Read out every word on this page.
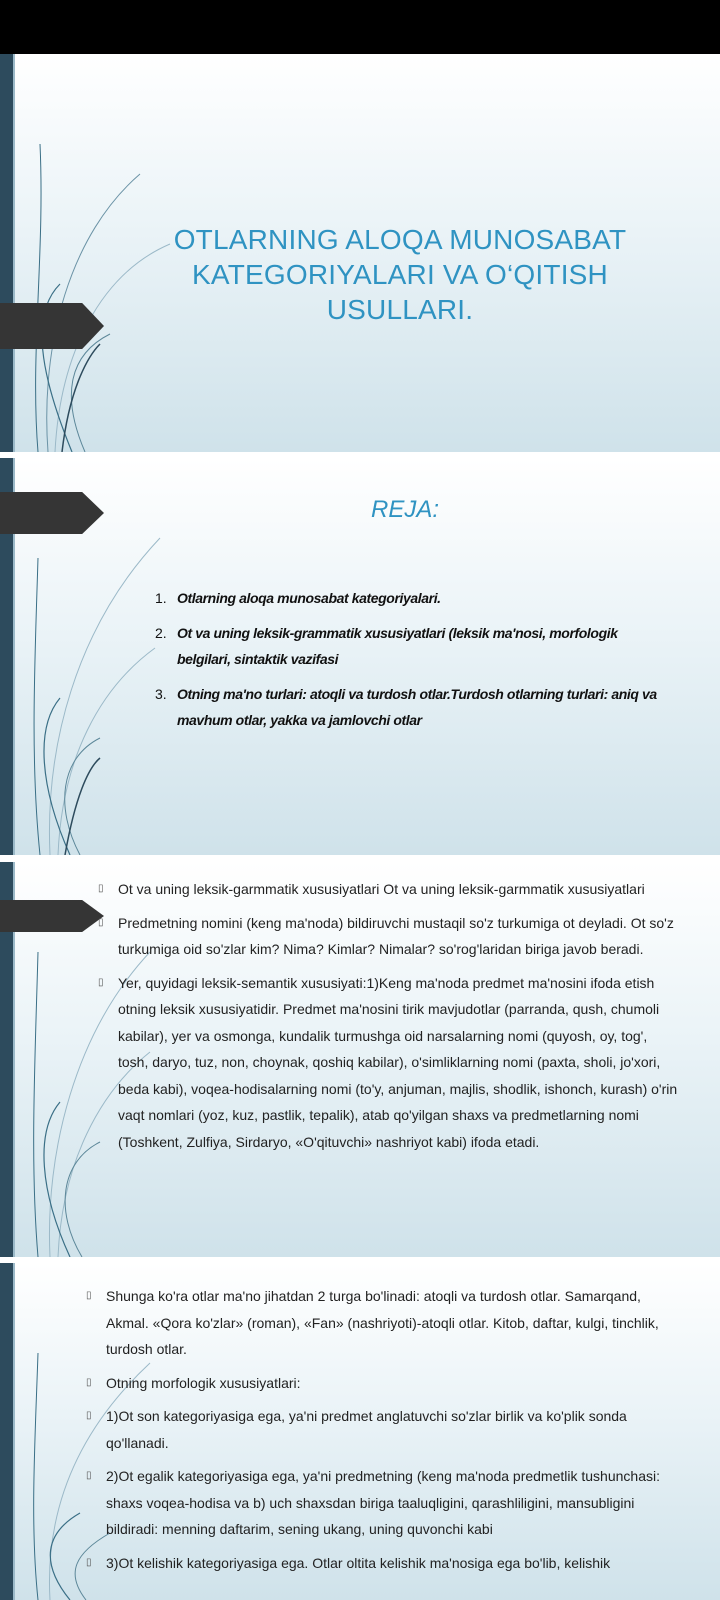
OTLARNING ALOQA MUNOSABAT KATEGORIYALARI VA O‘QITISH USULLARI.
REJA:
1. Otlarning aloqa munosabat kategoriyalari.
2. Ot va uning leksik-grammatik xususiyatlari (leksik ma'nosi, morfologik belgilari, sintaktik vazifasi
3. Otning ma'no turlari: atoqli va turdosh otlar.Turdosh otlarning turlari: aniq va mavhum otlar, yakka va jamlovchi otlar
▯	Ot va uning leksik-garmmatik xususiyatlari Ot va uning leksik-garmmatik xususiyatlari
▯	Predmetning nomini (keng ma'noda) bildiruvchi mustaqil so'z turkumiga ot deyladi. Ot so'z turkumiga oid so'zlar kim? Nima? Kimlar? Nimalar? so'rog'laridan biriga javob beradi.
▯	Yer, quyidagi leksik-semantik xususiyati:1)Keng ma'noda predmet ma'nosini ifoda etish otning leksik xususiyatidir. Predmet ma'nosini tirik mavjudotlar (parranda, qush, chumoli kabilar), yer va osmonga, kundalik turmushga oid narsalarning nomi (quyosh, oy, tog', tosh, daryo, tuz, non, choynak, qoshiq kabilar), o'simliklarning nomi (paxta, sholi, jo'xori, beda kabi), voqea-hodisalarning nomi (to'y, anjuman, majlis, shodlik, ishonch, kurash) o'rin vaqt nomlari (yoz, kuz, pastlik, tepalik), atab qo'yilgan shaxs va predmetlarning nomi (Toshkent, Zulfiya, Sirdaryo, «O'qituvchi» nashriyot kabi) ifoda etadi.
▯	Shunga ko'ra otlar ma'no jihatdan 2 turga bo'linadi: atoqli va turdosh otlar. Samarqand, Akmal. «Qora ko'zlar» (roman), «Fan» (nashriyoti)-atoqli otlar. Kitob, daftar, kulgi, tinchlik, turdosh otlar.
▯	Otning morfologik xususiyatlari:
▯	1)Ot son kategoriyasiga ega, ya'ni predmet anglatuvchi so'zlar birlik va ko'plik sonda qo'llanadi.
▯	2)Ot egalik kategoriyasiga ega, ya'ni predmetning (keng ma'noda predmetlik tushunchasi: shaxs voqea-hodisa va b) uch shaxsdan biriga taaluqligini, qarashliligini, mansubligini bildiradi: menning daftarim, sening ukang, uning quvonchi kabi
▯	3)Ot kelishik kategoriyasiga ega. Otlar oltita kelishik ma'nosiga ega bo'lib, kelishik
